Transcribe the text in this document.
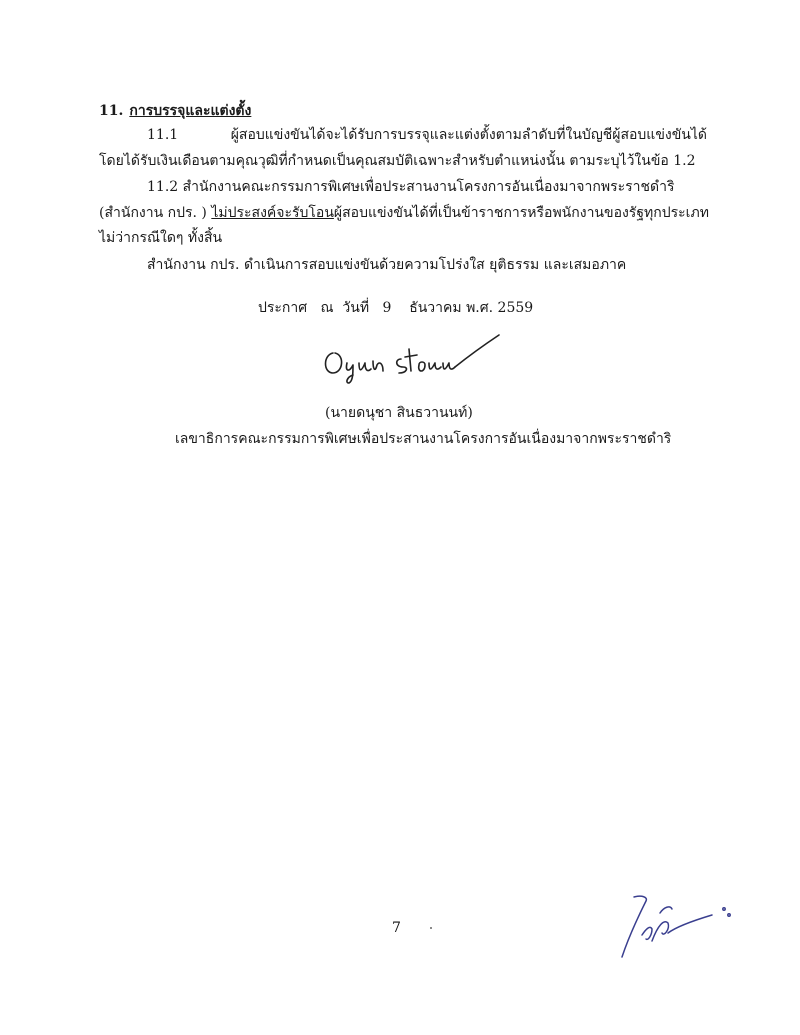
11. การบรรจุและแต่งตั้ง
11.1 ผู้สอบแข่งขันได้จะได้รับการบรรจุและแต่งตั้งตามลำดับที่ในบัญชีผู้สอบแข่งขันได้
โดยได้รับเงินเดือนตามคุณวุฒิที่กำหนดเป็นคุณสมบัติเฉพาะสำหรับตำแหน่งนั้น ตามระบุไว้ในข้อ 1.2
11.2 สำนักงานคณะกรรมการพิเศษเพื่อประสานงานโครงการอันเนื่องมาจากพระราชดำริ
(สำนักงาน กปร. ) ไม่ประสงค์จะรับโอนผู้สอบแข่งขันได้ที่เป็นข้าราชการหรือพนักงานของรัฐทุกประเภท
ไม่ว่ากรณีใดๆ ทั้งสิ้น
สำนักงาน กปร. ดำเนินการสอบแข่งขันด้วยความโปร่งใส ยุติธรรม และเสมอภาค
ประกาศ ณ วันที่ 9 ธันวาคม พ.ศ. 2559
(นายดนุชา สินธวานนท์)
เลขาธิการคณะกรรมการพิเศษเพื่อประสานงานโครงการอันเนื่องมาจากพระราชดำริ
7
